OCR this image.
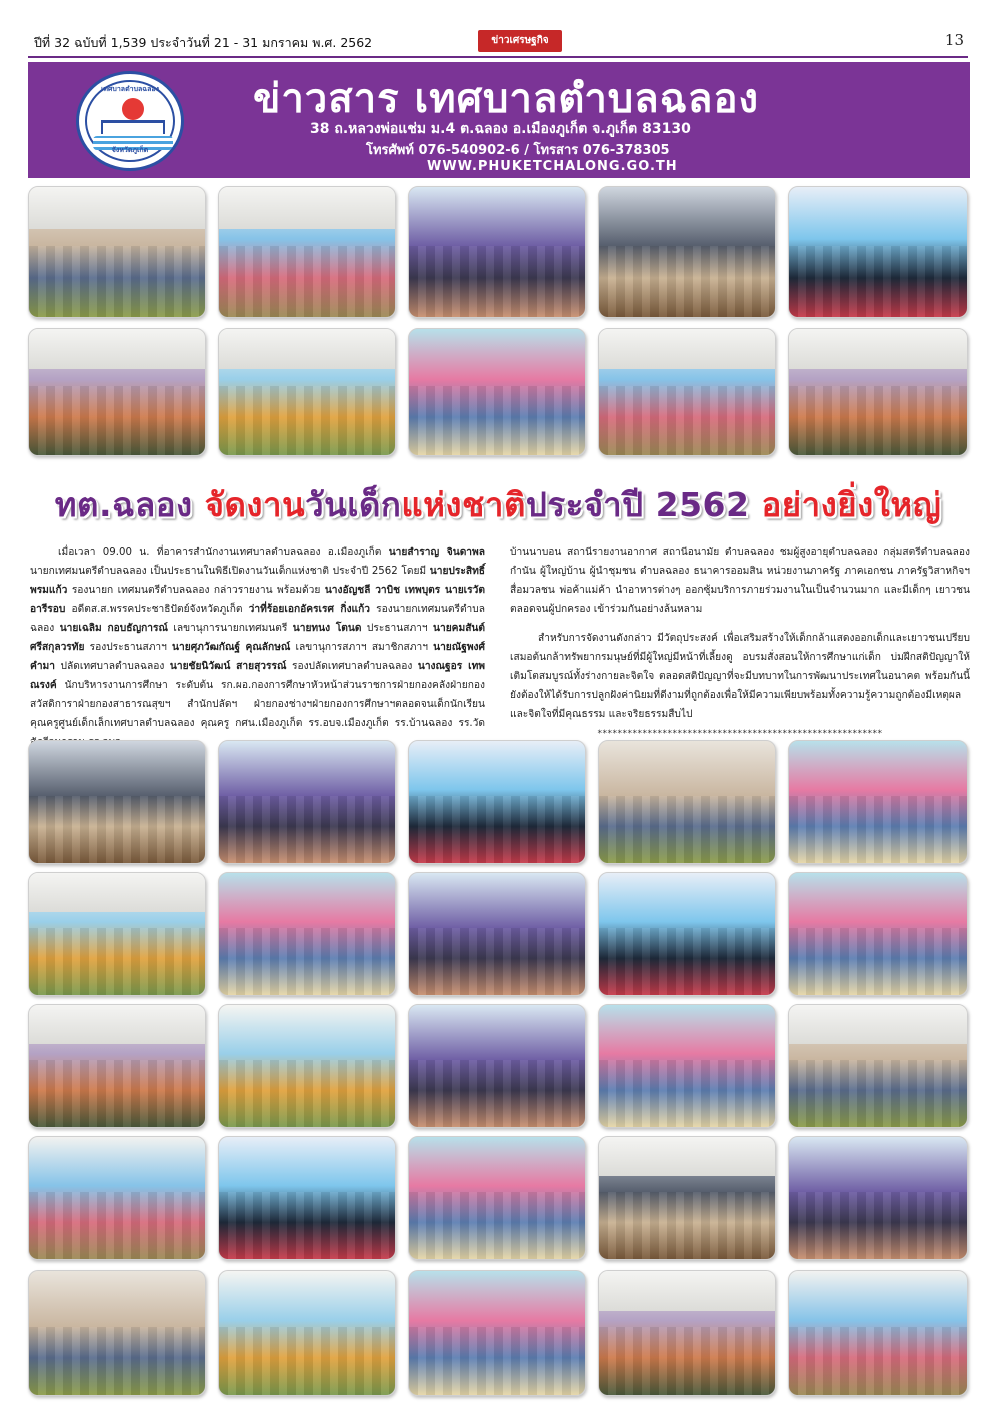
ปีที่ 32 ฉบับที่ 1,539 ประจำวันที่ 21 - 31 มกราคม พ.ศ. 2562	ข่าวเศรษฐกิจ	13
เทศบาลตำบลฉลอง
จังหวัดภูเก็ต
ข่าวสาร เทศบาลตำบลฉลอง
38 ถ.หลวงพ่อแช่ม ม.4 ต.ฉลอง อ.เมืองภูเก็ต จ.ภูเก็ต 83130
โทรศัพท์ 076-540902-6 / โทรสาร 076-378305
WWW.PHUKETCHALONG.GO.TH
ทต.ฉลอง จัดงานวันเด็กแห่งชาติประจำปี 2562 อย่างยิ่งใหญ่

เมื่อเวลา 09.00 น. ที่อาคารสำนักงานเทศบาลตำบลฉลอง อ.เมืองภูเก็ต นายสำราญ จินดาพล นายกเทศมนตรีตำบลฉลอง เป็นประธานในพิธีเปิดงานวันเด็กแห่งชาติ ประจำปี 2562 โดยมี นายประสิทธิ์ พรมแก้ว รองนายก เทศมนตรีตำบลฉลอง กล่าวรายงาน พร้อมด้วย นางอัญชลี วาบิช เทพบุตร นายเรวัต อารีรอบ อดีตส.ส.พรรคประชาธิปัตย์จังหวัดภูเก็ต ว่าที่ร้อยเอกอัครเรศ กิ่งแก้ว รองนายกเทศมนตรีตำบลฉลอง นายเฉลิม กอบธัญการณ์ เลขานุการนายกเทศมนตรี นายทนง โตนด ประธานสภาฯ นายคมสันต์ ศรีสกุลวรทัย รองประธานสภาฯ นายศุภวัฒกัณฐ์ คุณลักษณ์ เลขานุการสภาฯ สมาชิกสภาฯ นายณัฐพงศ์ คำมา ปลัดเทศบาลตำบลฉลอง นายชัยนิวัฒน์ สายสุวรรณ์ รองปลัดเทศบาลตำบลฉลอง นางณฐอร เทพณรงค์ นักบริหารงานการศึกษา ระดับต้น รก.ผอ.กองการศึกษาหัวหน้าส่วนราชการฝ่ายกองคลังฝ่ายกองสวัสดิการาฝ่ายกองสาธารณสุขฯ สำนักปลัดฯ ฝ่ายกองช่างฯฝ่ายกองการศึกษาฯตลอดจนเด็กนักเรียน คุณครูศูนย์เด็กเล็กเทศบาลตำบลฉลอง คุณครู กศน.เมืองภูเก็ต รร.อบจ.เมืองภูเก็ต รร.บ้านฉลอง รร.วัด

บ้านนาบอน สถานีรายงานอากาศ สถานีอนามัย ตำบลฉลอง ชมผู้สูงอายุตำบลฉลอง กลุ่มสตรีตำบลฉลอง กำนัน ผู้ใหญ่บ้าน ผู้นำชุมชน ตำบลฉลอง ธนาคารออมสิน หน่วยงานภาครัฐ ภาคเอกชน ภาครัฐวิสาหกิจฯ สื่อมวลชน พ่อค้าแม่ค้า นำอาหารต่างๆ ออกซุ้มบริการภายร่วมงานในเป็นจำนวนมาก และมีเด็กๆ เยาวชนตลอดจนผู้ปกครอง เข้าร่วมกันอย่างล้นหลาม

สำหรับการจัดงานดังกล่าว มีวัตถุประสงค์ เพื่อเสริมสร้างให้เด็กกล้าแสดงออกเด็กและเยาวชนเปรียบเสมอต้นกล้าทรัพยากรมนุษย์ที่มีผู้ใหญ่มีหน้าที่เลี้ยงดู อบรมสั่งสอนให้การศึกษาแก่เด็ก บ่มฝึกสติปัญญาให้เติมโตสมบูรณ์ทั้งร่างกายละจิตใจ ตลอดสติปัญญาที่จะมีบทบาทในการพัฒนาประเทศในอนาคต พร้อมกันนี้ยังต้องให้ได้รับการปลูกฝังค่านิยมที่ดีงามที่ถูกต้องเพื่อให้มีความเพียบพร้อมทั้งความรู้ความถูกต้องมีเหตุผล และจิตใจที่มีคุณธรรม และจริยธรรมสืบไป

*********************************************************
